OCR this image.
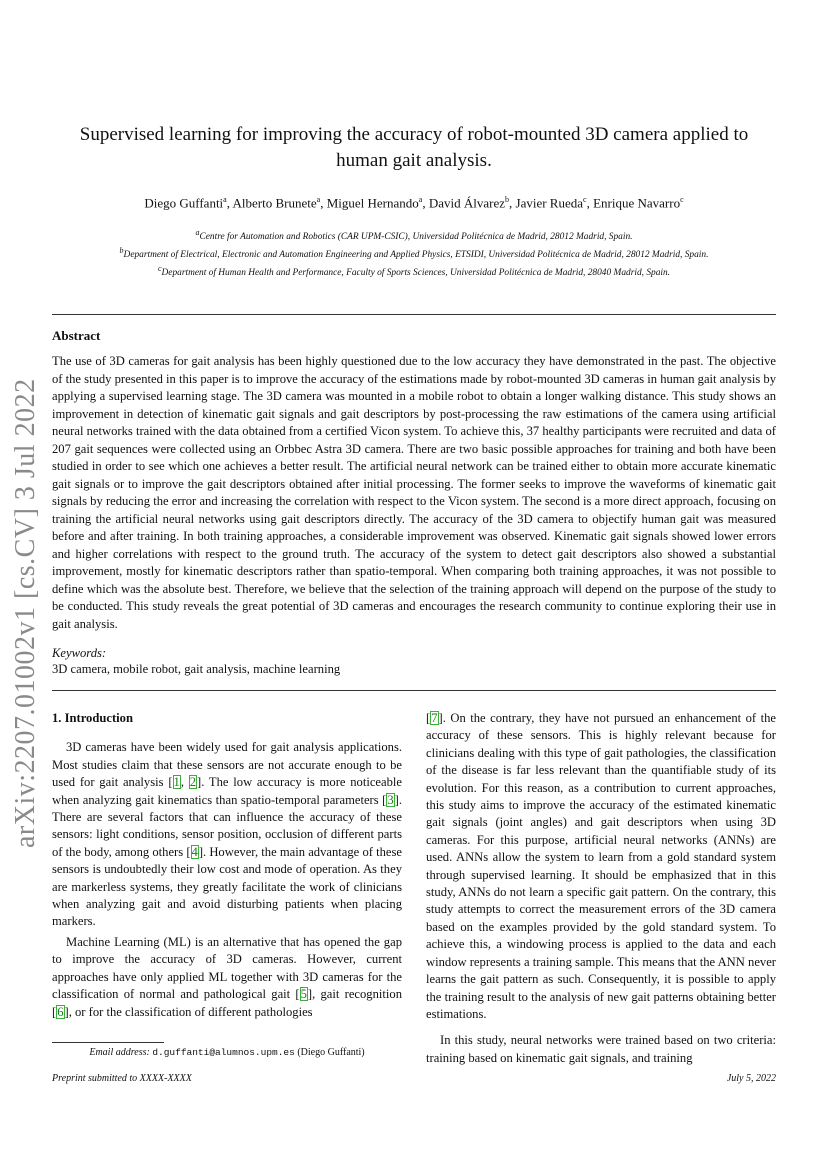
arXiv:2207.01002v1 [cs.CV] 3 Jul 2022
Supervised learning for improving the accuracy of robot-mounted 3D camera applied to human gait analysis.
Diego Guffanti$^a$, Alberto Brunete$^a$, Miguel Hernando$^a$, David Álvarez$^b$, Javier Rueda$^c$, Enrique Navarro$^c$
$^a$Centre for Automation and Robotics (CAR UPM-CSIC), Universidad Politécnica de Madrid, 28012 Madrid, Spain.
$^b$Department of Electrical, Electronic and Automation Engineering and Applied Physics, ETSIDI, Universidad Politécnica de Madrid, 28012 Madrid, Spain.
$^c$Department of Human Health and Performance, Faculty of Sports Sciences, Universidad Politécnica de Madrid, 28040 Madrid, Spain.
Abstract
The use of 3D cameras for gait analysis has been highly questioned due to the low accuracy they have demonstrated in the past. The objective of the study presented in this paper is to improve the accuracy of the estimations made by robot-mounted 3D cameras in human gait analysis by applying a supervised learning stage. The 3D camera was mounted in a mobile robot to obtain a longer walking distance. This study shows an improvement in detection of kinematic gait signals and gait descriptors by post-processing the raw estimations of the camera using artificial neural networks trained with the data obtained from a certified Vicon system. To achieve this, 37 healthy participants were recruited and data of 207 gait sequences were collected using an Orbbec Astra 3D camera. There are two basic possible approaches for training and both have been studied in order to see which one achieves a better result. The artificial neural network can be trained either to obtain more accurate kinematic gait signals or to improve the gait descriptors obtained after initial processing. The former seeks to improve the waveforms of kinematic gait signals by reducing the error and increasing the correlation with respect to the Vicon system. The second is a more direct approach, focusing on training the artificial neural networks using gait descriptors directly. The accuracy of the 3D camera to objectify human gait was measured before and after training. In both training approaches, a considerable improvement was observed. Kinematic gait signals showed lower errors and higher correlations with respect to the ground truth. The accuracy of the system to detect gait descriptors also showed a substantial improvement, mostly for kinematic descriptors rather than spatio-temporal. When comparing both training approaches, it was not possible to define which was the absolute best. Therefore, we believe that the selection of the training approach will depend on the purpose of the study to be conducted. This study reveals the great potential of 3D cameras and encourages the research community to continue exploring their use in gait analysis.
Keywords:
3D camera, mobile robot, gait analysis, machine learning
1. Introduction

3D cameras have been widely used for gait analysis applications. Most studies claim that these sensors are not accurate enough to be used for gait analysis [1, 2]. The low accuracy is more noticeable when analyzing gait kinematics than spatio-temporal parameters [3]. There are several factors that can influence the accuracy of these sensors: light conditions, sensor position, occlusion of different parts of the body, among others [4]. However, the main advantage of these sensors is undoubtedly their low cost and mode of operation. As they are markerless systems, they greatly facilitate the work of clinicians when analyzing gait and avoid disturbing patients when placing markers.

Machine Learning (ML) is an alternative that has opened the gap to improve the accuracy of 3D cameras. However, current approaches have only applied ML together with 3D cameras for the classification of normal and pathological gait [5], gait recognition [6], or for the classification of different pathologies

[7]. On the contrary, they have not pursued an enhancement of the accuracy of these sensors. This is highly relevant because for clinicians dealing with this type of gait pathologies, the classification of the disease is far less relevant than the quantifiable study of its evolution. For this reason, as a contribution to current approaches, this study aims to improve the accuracy of the estimated kinematic gait signals (joint angles) and gait descriptors when using 3D cameras. For this purpose, artificial neural networks (ANNs) are used. ANNs allow the system to learn from a gold standard system through supervised learning. It should be emphasized that in this study, ANNs do not learn a specific gait pattern. On the contrary, this study attempts to correct the measurement errors of the 3D camera based on the examples provided by the gold standard system. To achieve this, a windowing process is applied to the data and each window represents a training sample. This means that the ANN never learns the gait pattern as such. Consequently, it is possible to apply the training result to the analysis of new gait patterns obtaining better estimations.

In this study, neural networks were trained based on two criteria: training based on kinematic gait signals, and training

Email address: d.guffanti@alumnos.upm.es (Diego Guffanti)
Preprint submitted to XXXX-XXXX	July 5, 2022
